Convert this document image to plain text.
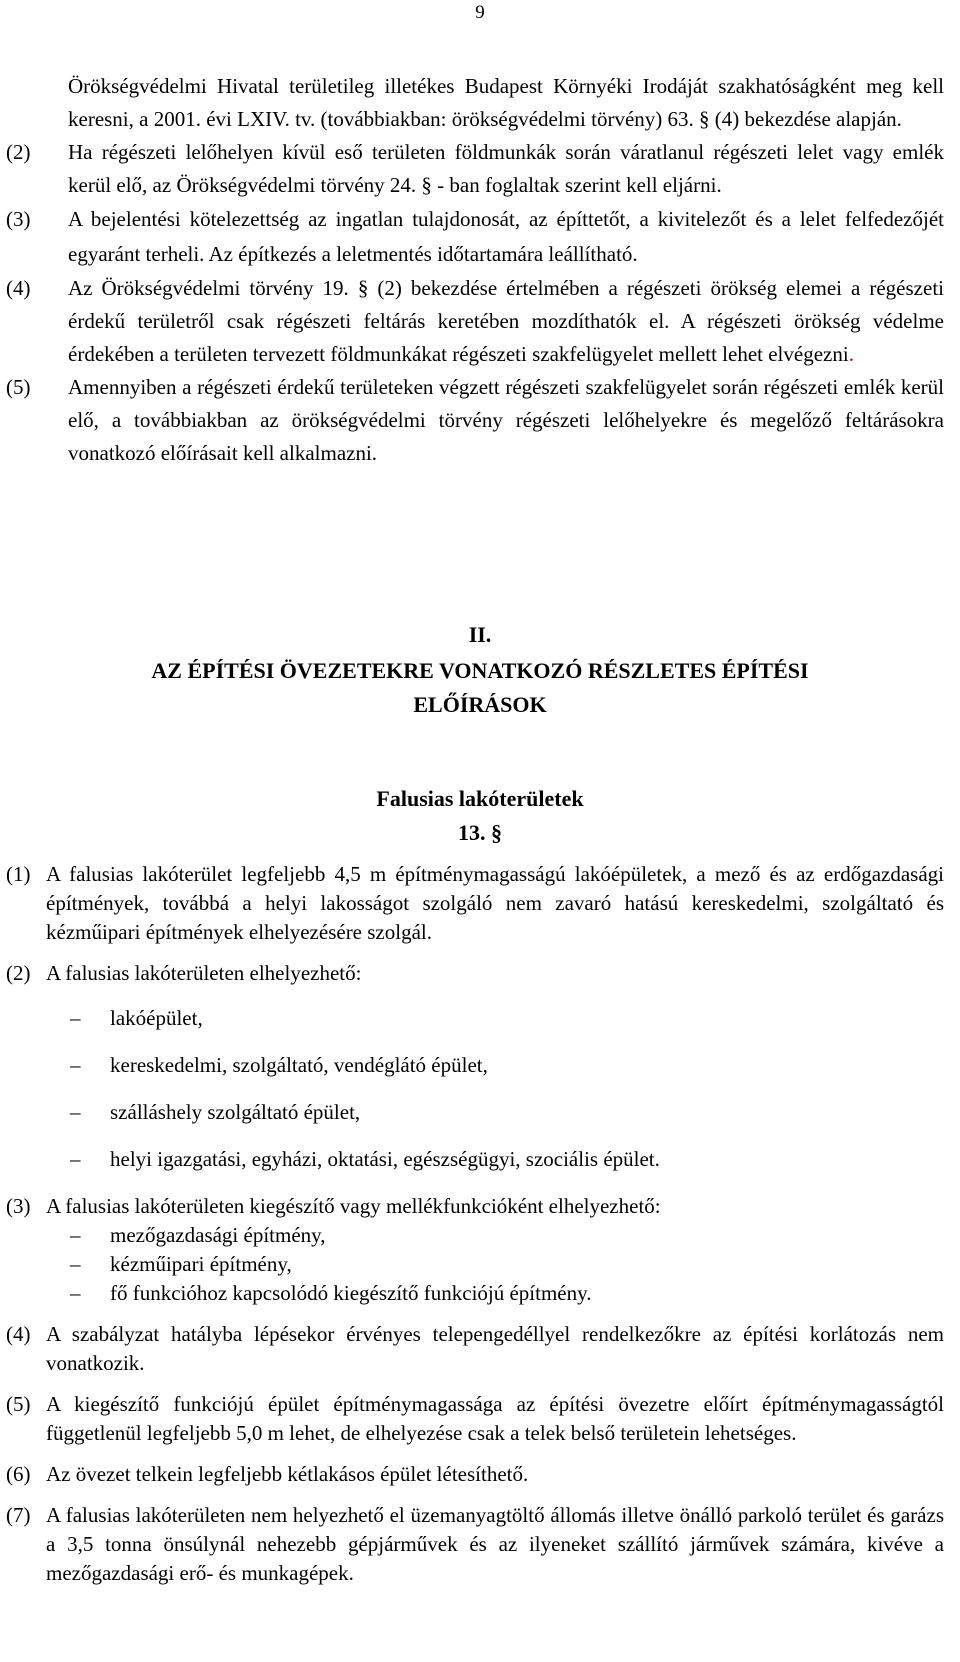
9

Örökségvédelmi Hivatal területileg illetékes Budapest Környéki Irodáját szakhatóságként meg kell keresni, a 2001. évi LXIV. tv. (továbbiakban: örökségvédelmi törvény) 63. § (4) bekezdése alapján.

(2) Ha régészeti lelőhelyen kívül eső területen földmunkák során váratlanul régészeti lelet vagy emlék kerül elő, az Örökségvédelmi törvény 24. § - ban foglaltak szerint kell eljárni.

(3) A bejelentési kötelezettség az ingatlan tulajdonosát, az építtetőt, a kivitelezőt és a lelet felfedezőjét egyaránt terheli. Az építkezés a leletmentés időtartamára leállítható.

(4) Az Örökségvédelmi törvény 19. § (2) bekezdése értelmében a régészeti örökség elemei a régészeti érdekű területről csak régészeti feltárás keretében mozdíthatók el. A régészeti örökség védelme érdekében a területen tervezett földmunkákat régészeti szakfelügyelet mellett lehet elvégezni.

(5) Amennyiben a régészeti érdekű területeken végzett régészeti szakfelügyelet során régészeti emlék kerül elő, a továbbiakban az örökségvédelmi törvény régészeti lelőhelyekre és megelőző feltárásokra vonatkozó előírásait kell alkalmazni.

II.
AZ ÉPÍTÉSI ÖVEZETEKRE VONATKOZÓ RÉSZLETES ÉPÍTÉSI
ELŐÍRÁSOK
Falusias lakóterületek
13. §
(1) A falusias lakóterület legfeljebb 4,5 m építménymagasságú lakóépületek, a mező és az erdőgazdasági építmények, továbbá a helyi lakosságot szolgáló nem zavaró hatású kereskedelmi, szolgáltató és kézműipari építmények elhelyezésére szolgál.

(2) A falusias lakóterületen elhelyezhető:

–	lakóépület,
–	kereskedelmi, szolgáltató, vendéglátó épület,
–	szálláshely szolgáltató épület,
–	helyi igazgatási, egyházi, oktatási, egészségügyi, szociális épület.
(3) A falusias lakóterületen kiegészítő vagy mellékfunkcióként elhelyezhető:

–	mezőgazdasági építmény,
–	kézműipari építmény,
–	fő funkcióhoz kapcsolódó kiegészítő funkciójú építmény.
(4) A szabályzat hatályba lépésekor érvényes telepengedéllyel rendelkezőkre az építési korlátozás nem vonatkozik.

(5) A kiegészítő funkciójú épület építménymagassága az építési övezetre előírt építménymagasságtól függetlenül legfeljebb 5,0 m lehet, de elhelyezése csak a telek belső területein lehetséges.

(6) Az övezet telkein legfeljebb kétlakásos épület létesíthető.

(7) A falusias lakóterületen nem helyezhető el üzemanyagtöltő állomás illetve önálló parkoló terület és garázs a 3,5 tonna önsúlynál nehezebb gépjárművek és az ilyeneket szállító járművek számára, kivéve a mezőgazdasági erő- és munkagépek.
